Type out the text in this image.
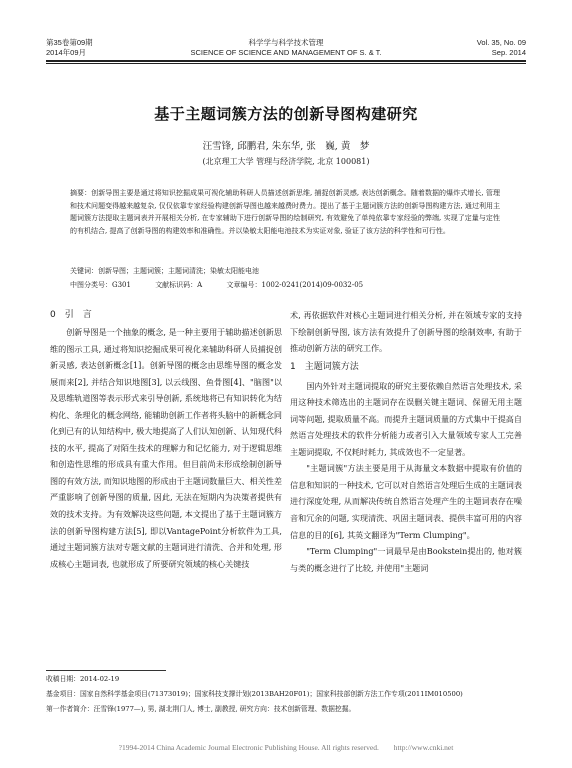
第35卷第09期
2014年09月
科学学与科学技术管理
SCIENCE OF SCIENCE AND MANAGEMENT OF S. & T.
Vol. 35, No. 09
Sep. 2014
基于主题词簇方法的创新导图构建研究
汪雪锋, 邱鹏君, 朱东华, 张　巍, 黄　梦
(北京理工大学 管理与经济学院, 北京 100081)
摘要：创新导图主要是通过将知识挖掘成果可视化辅助科研人员描述创新思维, 捕捉创新灵感, 表达创新概念。随着数据的爆炸式增长, 管理和技术问题变得越来越复杂, 仅仅依靠专家经验构建创新导图也越来越费时费力。提出了基于主题词簇方法的创新导图构建方法, 通过利用主题词簇方法提取主题词表并开展相关分析, 在专家辅助下进行创新导图的绘制研究, 有效避免了单纯依靠专家经验的弊端, 实现了定量与定性的有机结合, 提高了创新导图的构建效率和准确性。并以染敏太阳能电池技术为实证对象, 验证了该方法的科学性和可行性。
关键词：创新导图；主题词簇；主题词清洗；染敏太阳能电池
中图分类号：G301	文献标识码：A	文章编号：1002-0241(2014)09-0032-05
0　引　言

创新导图是一个抽象的概念, 是一种主要用于辅助描述创新思维的图示工具, 通过将知识挖掘成果可视化来辅助科研人员捕捉创新灵感, 表达创新概念[1]。创新导图的概念由思维导图的概念发展而来[2], 并结合知识地图[3], 以云线图、鱼骨图[4]、"脑图"以及思维轨道图等表示形式来引导创新, 系统地将已有知识转化为结构化、条理化的概念网络, 能辅助创新工作者将头脑中的新概念同化到已有的认知结构中, 极大地提高了人们认知创新、认知现代科技的水平, 提高了对陌生技术的理解力和记忆能力, 对于逻辑思维和创造性思维的形成具有重大作用。但目前尚未形成绘制创新导图的有效方法, 而知识地图的形成由于主题词数量巨大、相关性差严重影响了创新导图的质量, 因此, 无法在短期内为决策者提供有效的技术支持。为有效解决这些问题, 本文提出了基于主题词簇方法的创新导图构建方法[5], 即以VantagePoint分析软件为工具, 通过主题词簇方法对专题文献的主题词进行清洗、合并和处理, 形成核心主题词表, 也就形成了所要研究领域的核心关键技

术, 再依据软件对核心主题词进行相关分析, 并在领域专家的支持下绘制创新导图, 该方法有效提升了创新导图的绘制效率, 有助于推动创新方法的研究工作。

1　主题词簇方法

国内外针对主题词提取的研究主要依赖自然语言处理技术, 采用这种技术筛选出的主题词存在误删关键主题词、保留无用主题词等问题, 提取质量不高。而提升主题词质量的方式集中于提高自然语言处理技术的软件分析能力或者引入大量领域专家人工完善主题词提取, 不仅耗时耗力, 其成效也不一定显著。

"主题词簇"方法主要是用于从海量文本数据中提取有价值的信息和知识的一种技术, 它可以对自然语言处理后生成的主题词表进行深度处理, 从而解决传统自然语言处理产生的主题词表存在噪音和冗余的问题, 实现清洗、巩固主题词表、提供丰富可用的内容信息的目的[6], 其英文翻译为"Term Clumping"。

"Term Clumping"一词最早是由Bookstein提出的, 他对簇与类的概念进行了比较, 并使用"主题词

收稿日期：2014-02-19
基金项目：国家自然科学基金项目(71373019)；国家科技支撑计划(2013BAH20F01)；国家科技部创新方法工作专项(2011IM010500)
第一作者简介：汪雪锋(1977—), 男, 湖北荆门人, 博士, 副教授, 研究方向：技术创新管理、数据挖掘。
?1994-2014 China Academic Journal Electronic Publishing House. All rights reserved.　　http://www.cnki.net
